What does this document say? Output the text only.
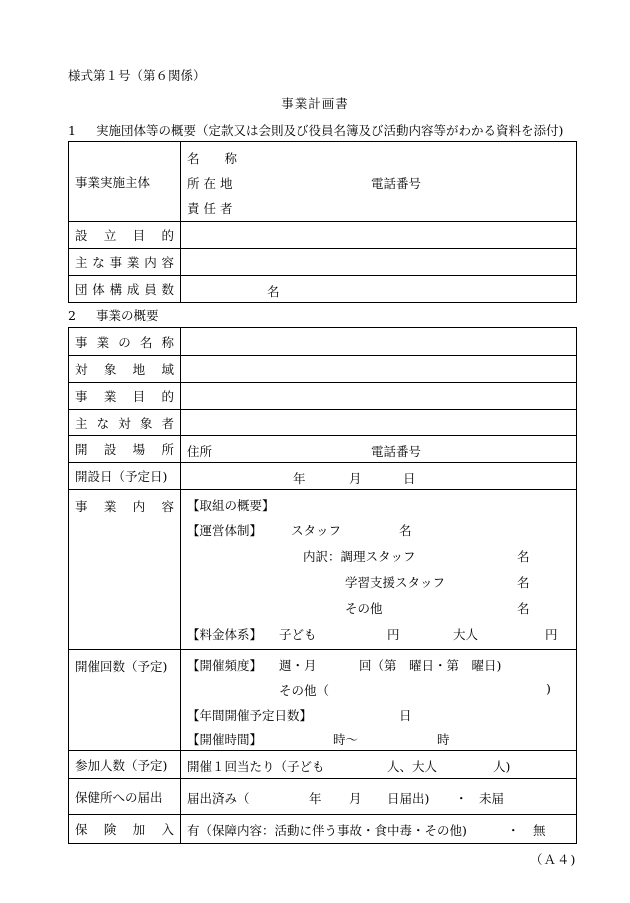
様式第１号（第６関係）
事業計画書
1 実施団体等の概要（定款又は会則及び役員名簿及び活動内容等がわかる資料を添付)
事業実施主体
名　　称
所 在 地	電話番号
責 任 者
設 立 目 的
主 な 事 業 内 容
団 体 構 成 員 数	名
2 事業の概要
事 業 の 名 称
対 象 地 域
事 業 目 的
主 な 対 象 者
開 設 場 所 住所	電話番号
開設日（予定日)	年	月	日
事 業 内 容 【取組の概要】
【運営体制】 スタッフ	名
内訳：調理スタッフ	名
学習支援スタッフ	名
その他	名
【料金体系】 子ども	円	大人	円
開催回数（予定)	【開催頻度】 週・月	回（第　曜日・第　曜日)
その他（	)
【年間開催予定日数】	日
【開催時間】	時〜	時
参加人数（予定)	開催１回当たり（子ども	人、大人	人)
保健所への届出	届出済み（	年 月 日届出) ・ 未届
保 険 加 入 有（保障内容：活動に伴う事故・食中毒・その他)	・ 無
（Ａ４)
